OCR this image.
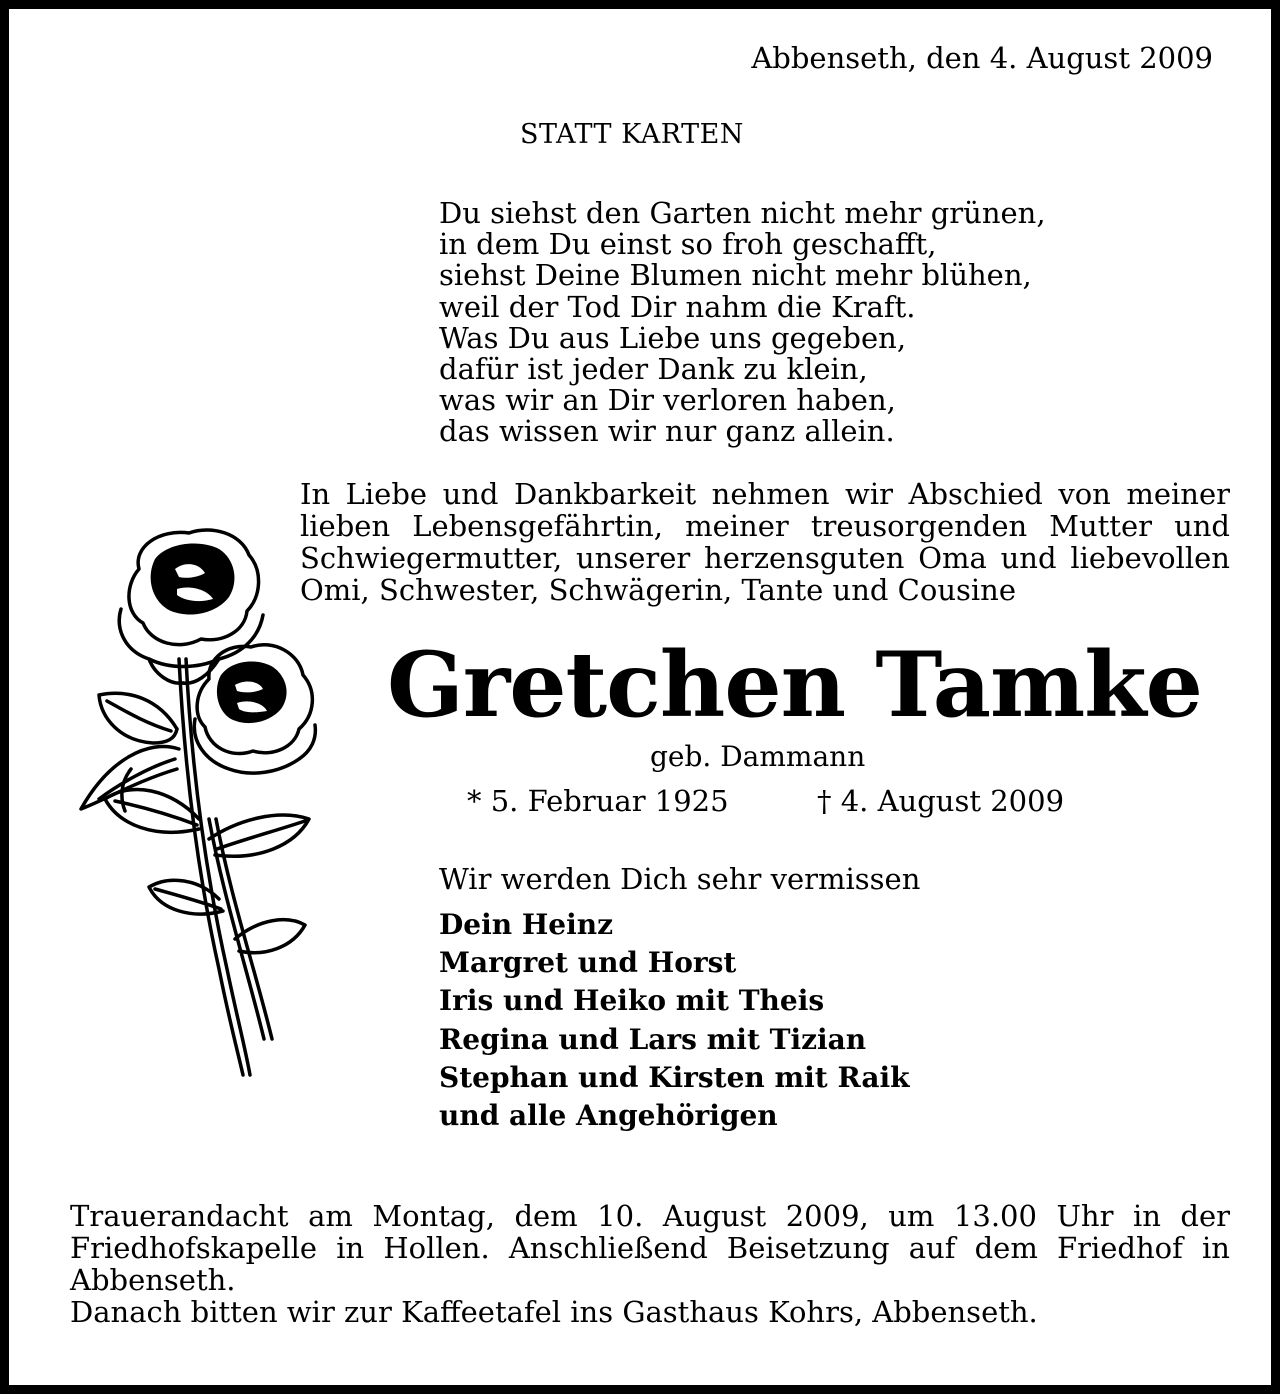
Abbenseth, den 4. August 2009
STATT KARTEN
Du siehst den Garten nicht mehr grünen,
in dem Du einst so froh geschafft,
siehst Deine Blumen nicht mehr blühen,
weil der Tod Dir nahm die Kraft.
Was Du aus Liebe uns gegeben,
dafür ist jeder Dank zu klein,
was wir an Dir verloren haben,
das wissen wir nur ganz allein.
In Liebe und Dankbarkeit nehmen wir Abschied von meiner
lieben Lebensgefährtin, meiner treusorgenden Mutter und
Schwiegermutter, unserer herzensguten Oma und liebevollen
Omi, Schwester, Schwägerin, Tante und Cousine
Gretchen Tamke
geb. Dammann
* 5. Februar 1925	† 4. August 2009
Wir werden Dich sehr vermissen
Dein Heinz
Margret und Horst
Iris und Heiko mit Theis
Regina und Lars mit Tizian
Stephan und Kirsten mit Raik
und alle Angehörigen
Trauerandacht am Montag, dem 10. August 2009, um 13.00 Uhr in der
Friedhofskapelle in Hollen. Anschließend Beisetzung auf dem Friedhof in
Abbenseth.
Danach bitten wir zur Kaffeetafel ins Gasthaus Kohrs, Abbenseth.
